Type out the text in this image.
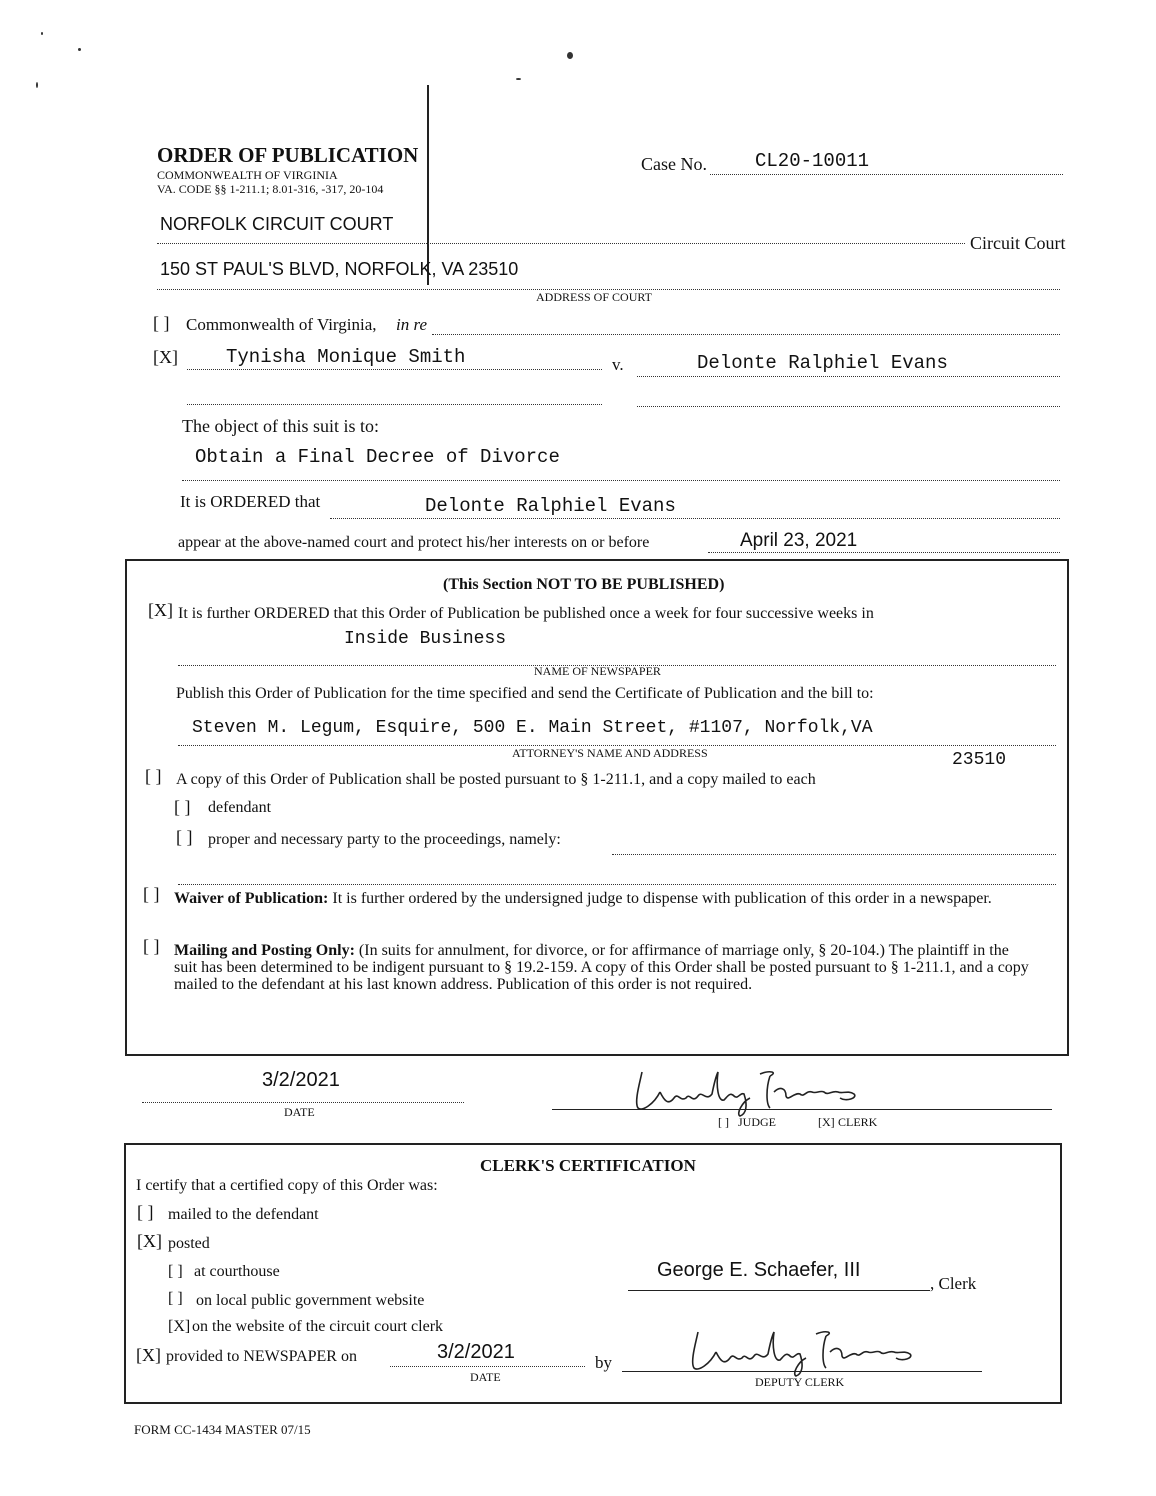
ORDER OF PUBLICATION
COMMONWEALTH OF VIRGINIA
VA. CODE §§ 1-211.1; 8.01-316, -317, 20-104
Case No.	CL20-10011
NORFOLK CIRCUIT COURT
Circuit Court
150 ST PAUL'S BLVD, NORFOLK, VA 23510
ADDRESS OF COURT
[ ] Commonwealth of Virginia, in re
[X]	Tynisha Monique Smith	v.	Delonte Ralphiel Evans
The object of this suit is to:
Obtain a Final Decree of Divorce
It is ORDERED that	Delonte Ralphiel Evans
appear at the above-named court and protect his/her interests on or before	April 23, 2021
(This Section NOT TO BE PUBLISHED)
[X] It is further ORDERED that this Order of Publication be published once a week for four successive weeks in
Inside Business
NAME OF NEWSPAPER
Publish this Order of Publication for the time specified and send the Certificate of Publication and the bill to:
Steven M. Legum, Esquire, 500 E. Main Street, #1107, Norfolk,VA
ATTORNEY'S NAME AND ADDRESS	23510
[ ] A copy of this Order of Publication shall be posted pursuant to § 1-211.1, and a copy mailed to each
[ ] defendant
[ ] proper and necessary party to the proceedings, namely:
[ ] Waiver of Publication: It is further ordered by the undersigned judge to dispense with publication of this order in a newspaper.
[ ] Mailing and Posting Only: (In suits for annulment, for divorce, or for affirmance of marriage only, § 20-104.) The plaintiff in the suit has been determined to be indigent pursuant to § 19.2-159. A copy of this Order shall be posted pursuant to § 1-211.1, and a copy mailed to the defendant at his last known address. Publication of this order is not required.
3/2/2021
DATE
[ ] JUDGE	[X] CLERK
CLERK'S CERTIFICATION
I certify that a certified copy of this Order was:
[ ] mailed to the defendant
[X] posted
[ ] at courthouse
[ ] on local public government website
[X] on the website of the circuit court clerk
George E. Schaefer, III
, Clerk
[X] provided to NEWSPAPER on	3/2/2021
DATE
by
DEPUTY CLERK
FORM CC-1434 MASTER 07/15
